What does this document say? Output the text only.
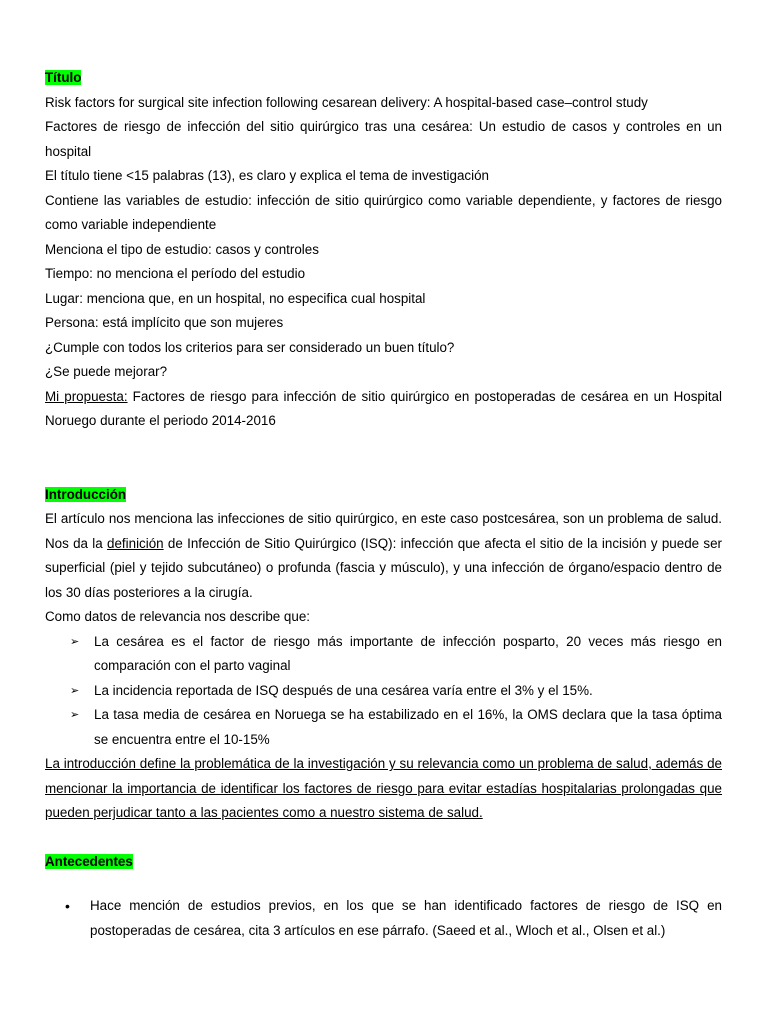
Título

Risk factors for surgical site infection following cesarean delivery: A hospital-based case–control study

Factores de riesgo de infección del sitio quirúrgico tras una cesárea: Un estudio de casos y controles en un hospital

El título tiene <15 palabras (13), es claro y explica el tema de investigación

Contiene las variables de estudio: infección de sitio quirúrgico como variable dependiente, y factores de riesgo como variable independiente

Menciona el tipo de estudio: casos y controles

Tiempo: no menciona el período del estudio

Lugar: menciona que, en un hospital, no especifica cual hospital

Persona: está implícito que son mujeres

¿Cumple con todos los criterios para ser considerado un buen título?

¿Se puede mejorar?

Mi propuesta: Factores de riesgo para infección de sitio quirúrgico en postoperadas de cesárea en un Hospital Noruego durante el periodo 2014-2016

Introducción

El artículo nos menciona las infecciones de sitio quirúrgico, en este caso postcesárea, son un problema de salud. Nos da la definición de Infección de Sitio Quirúrgico (ISQ): infección que afecta el sitio de la incisión y puede ser superficial (piel y tejido subcutáneo) o profunda (fascia y músculo), y una infección de órgano/espacio dentro de los 30 días posteriores a la cirugía.

Como datos de relevancia nos describe que:

➢ La cesárea es el factor de riesgo más importante de infección posparto, 20 veces más riesgo en comparación con el parto vaginal
➢ La incidencia reportada de ISQ después de una cesárea varía entre el 3% y el 15%.
➢ La tasa media de cesárea en Noruega se ha estabilizado en el 16%, la OMS declara que la tasa óptima se encuentra entre el 10-15%

La introducción define la problemática de la investigación y su relevancia como un problema de salud, además de mencionar la importancia de identificar los factores de riesgo para evitar estadías hospitalarias prolongadas que pueden perjudicar tanto a las pacientes como a nuestro sistema de salud.

Antecedentes

• Hace mención de estudios previos, en los que se han identificado factores de riesgo de ISQ en postoperadas de cesárea, cita 3 artículos en ese párrafo. (Saeed et al., Wloch et al., Olsen et al.)
